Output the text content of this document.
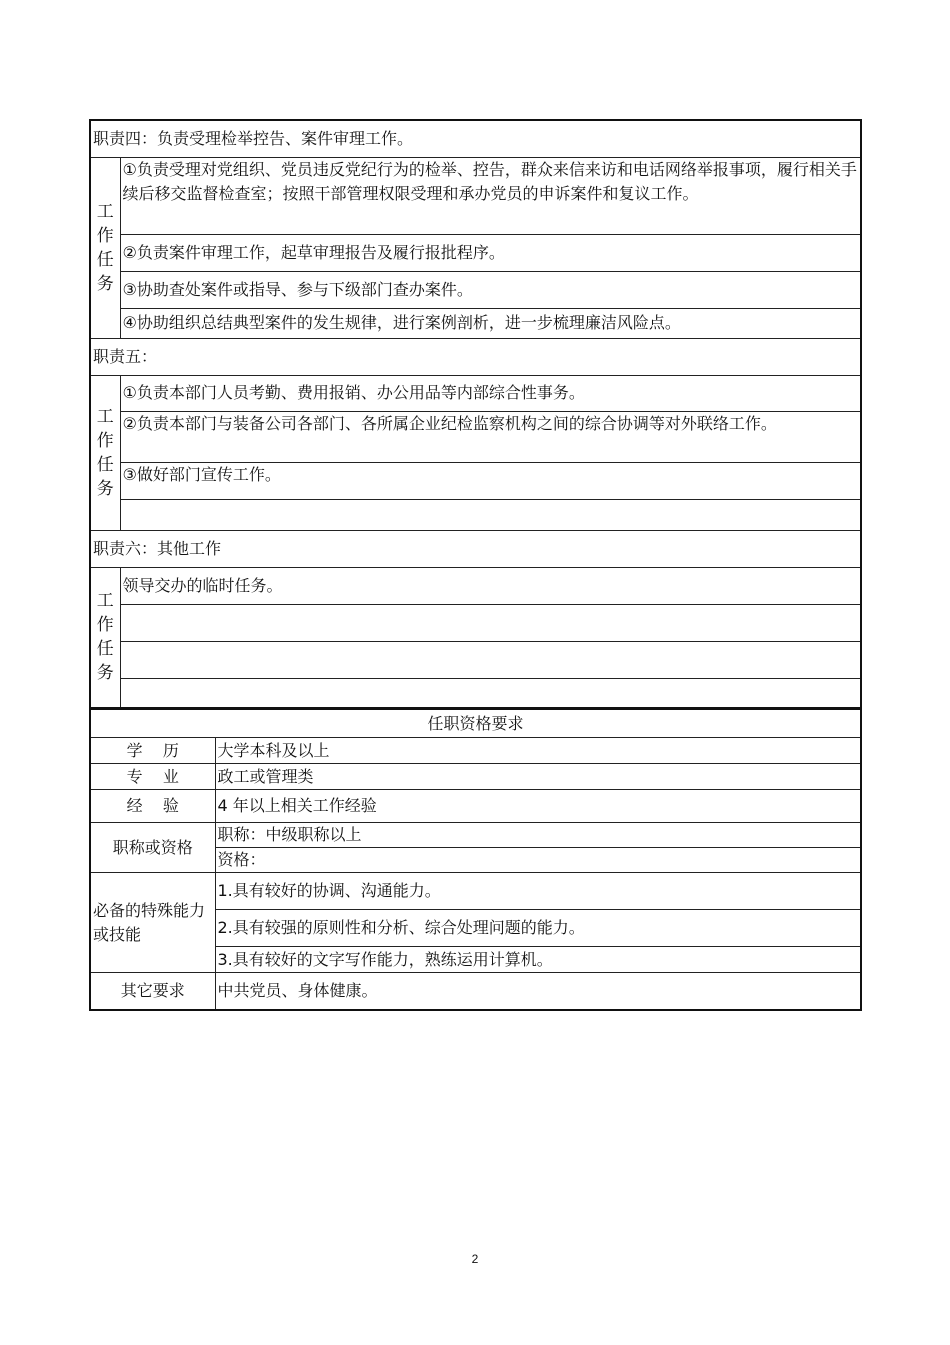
职责四：负责受理检举控告、案件审理工作。	
工作任务	①负责受理对党组织、党员违反党纪行为的检举、控告，群众来信来访和电话网络举报事项，履行相关手续后移交监督检查室；按照干部管理权限受理和承办党员的申诉案件和复议工作。
	②负责案件审理工作，起草审理报告及履行报批程序。
	③协助查处案件或指导、参与下级部门查办案件。
	④协助组织总结典型案件的发生规律，进行案例剖析，进一步梳理廉洁风险点。
职责五：	
工作任务	①负责本部门人员考勤、费用报销、办公用品等内部综合性事务。
	②负责本部门与装备公司各部门、各所属企业纪检监察机构之间的综合协调等对外联络工作。
	③做好部门宣传工作。

职责六：其他工作	
工作任务	领导交办的临时任务。

任职资格要求	
学    历	大学本科及以上
专    业	政工或管理类
经    验	4 年以上相关工作经验
职称或资格	职称：中级职称以上
	资格：
必备的特殊能力或技能	1.具有较好的协调、沟通能力。
	2.具有较强的原则性和分析、综合处理问题的能力。
	3.具有较好的文字写作能力，熟练运用计算机。
其它要求	中共党员、身体健康。
2
